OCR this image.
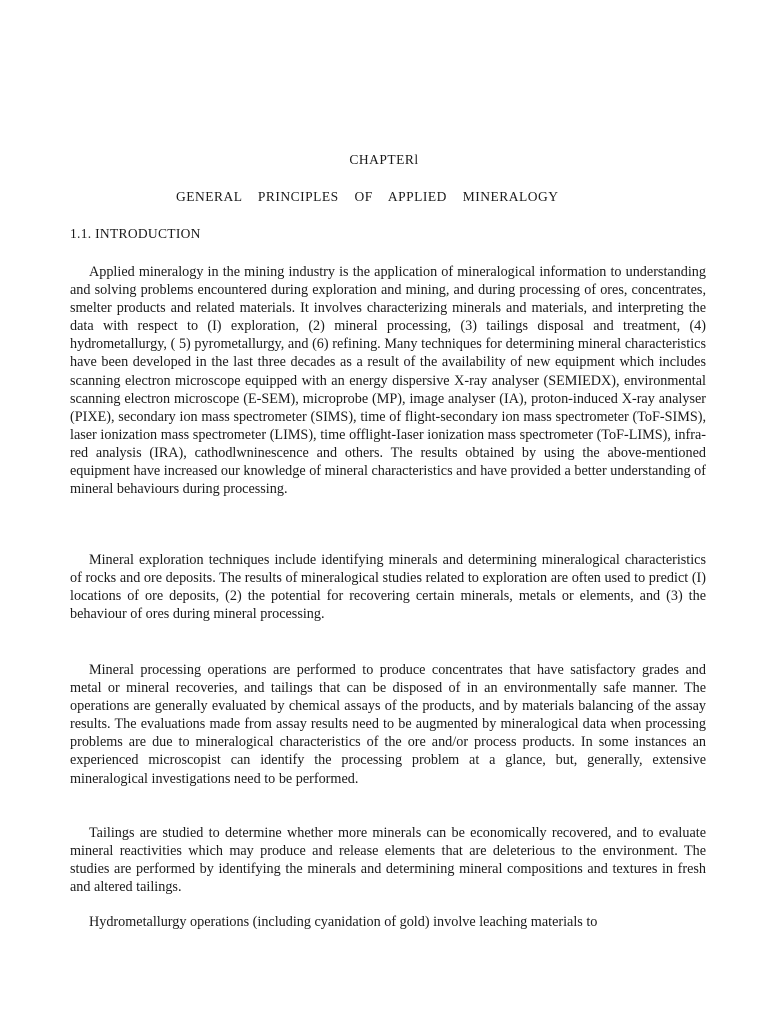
CHAPTERl
GENERAL PRINCIPLES OF APPLIED MINERALOGY
1.1. INTRODUCTION

Applied mineralogy in the mining industry is the application of mineralogical information to understanding and solving problems encountered during exploration and mining, and during processing of ores, concentrates, smelter products and related materials. It involves characterizing minerals and materials, and interpreting the data with respect to (I) exploration, (2) mineral processing, (3) tailings disposal and treatment, (4) hydrometallurgy, ( 5) pyrometallurgy, and (6) refining. Many techniques for determining mineral characteristics have been developed in the last three decades as a result of the availability of new equipment which includes scanning electron microscope equipped with an energy dispersive X-ray analyser (SEMIEDX), environmental scanning electron microscope (E-SEM), microprobe (MP), image analyser (IA), proton-induced X-ray analyser (PIXE), secondary ion mass spectrometer (SIMS), time of flight-secondary ion mass spectrometer (ToF-SIMS), laser ionization mass spectrometer (LIMS), time offlight-Iaser ionization mass spectrometer (ToF-LIMS), infra-red analysis (IRA), cathodlwninescence and others. The results obtained by using the above-mentioned equipment have increased our knowledge of mineral characteristics and have provided a better understanding of mineral behaviours during processing.

Mineral exploration techniques include identifying minerals and determining mineralogical characteristics of rocks and ore deposits. The results of mineralogical studies related to exploration are often used to predict (I) locations of ore deposits, (2) the potential for recovering certain minerals, metals or elements, and (3) the behaviour of ores during mineral processing.

Mineral processing operations are performed to produce concentrates that have satisfactory grades and metal or mineral recoveries, and tailings that can be disposed of in an environmentally safe manner. The operations are generally evaluated by chemical assays of the products, and by materials balancing of the assay results. The evaluations made from assay results need to be augmented by mineralogical data when processing problems are due to mineralogical characteristics of the ore and/or process products. In some instances an experienced microscopist can identify the processing problem at a glance, but, generally, extensive mineralogical investigations need to be performed.

Tailings are studied to determine whether more minerals can be economically recovered, and to evaluate mineral reactivities which may produce and release elements that are deleterious to the environment. The studies are performed by identifying the minerals and determining mineral compositions and textures in fresh and altered tailings.

Hydrometallurgy operations (including cyanidation of gold) involve leaching materials to
